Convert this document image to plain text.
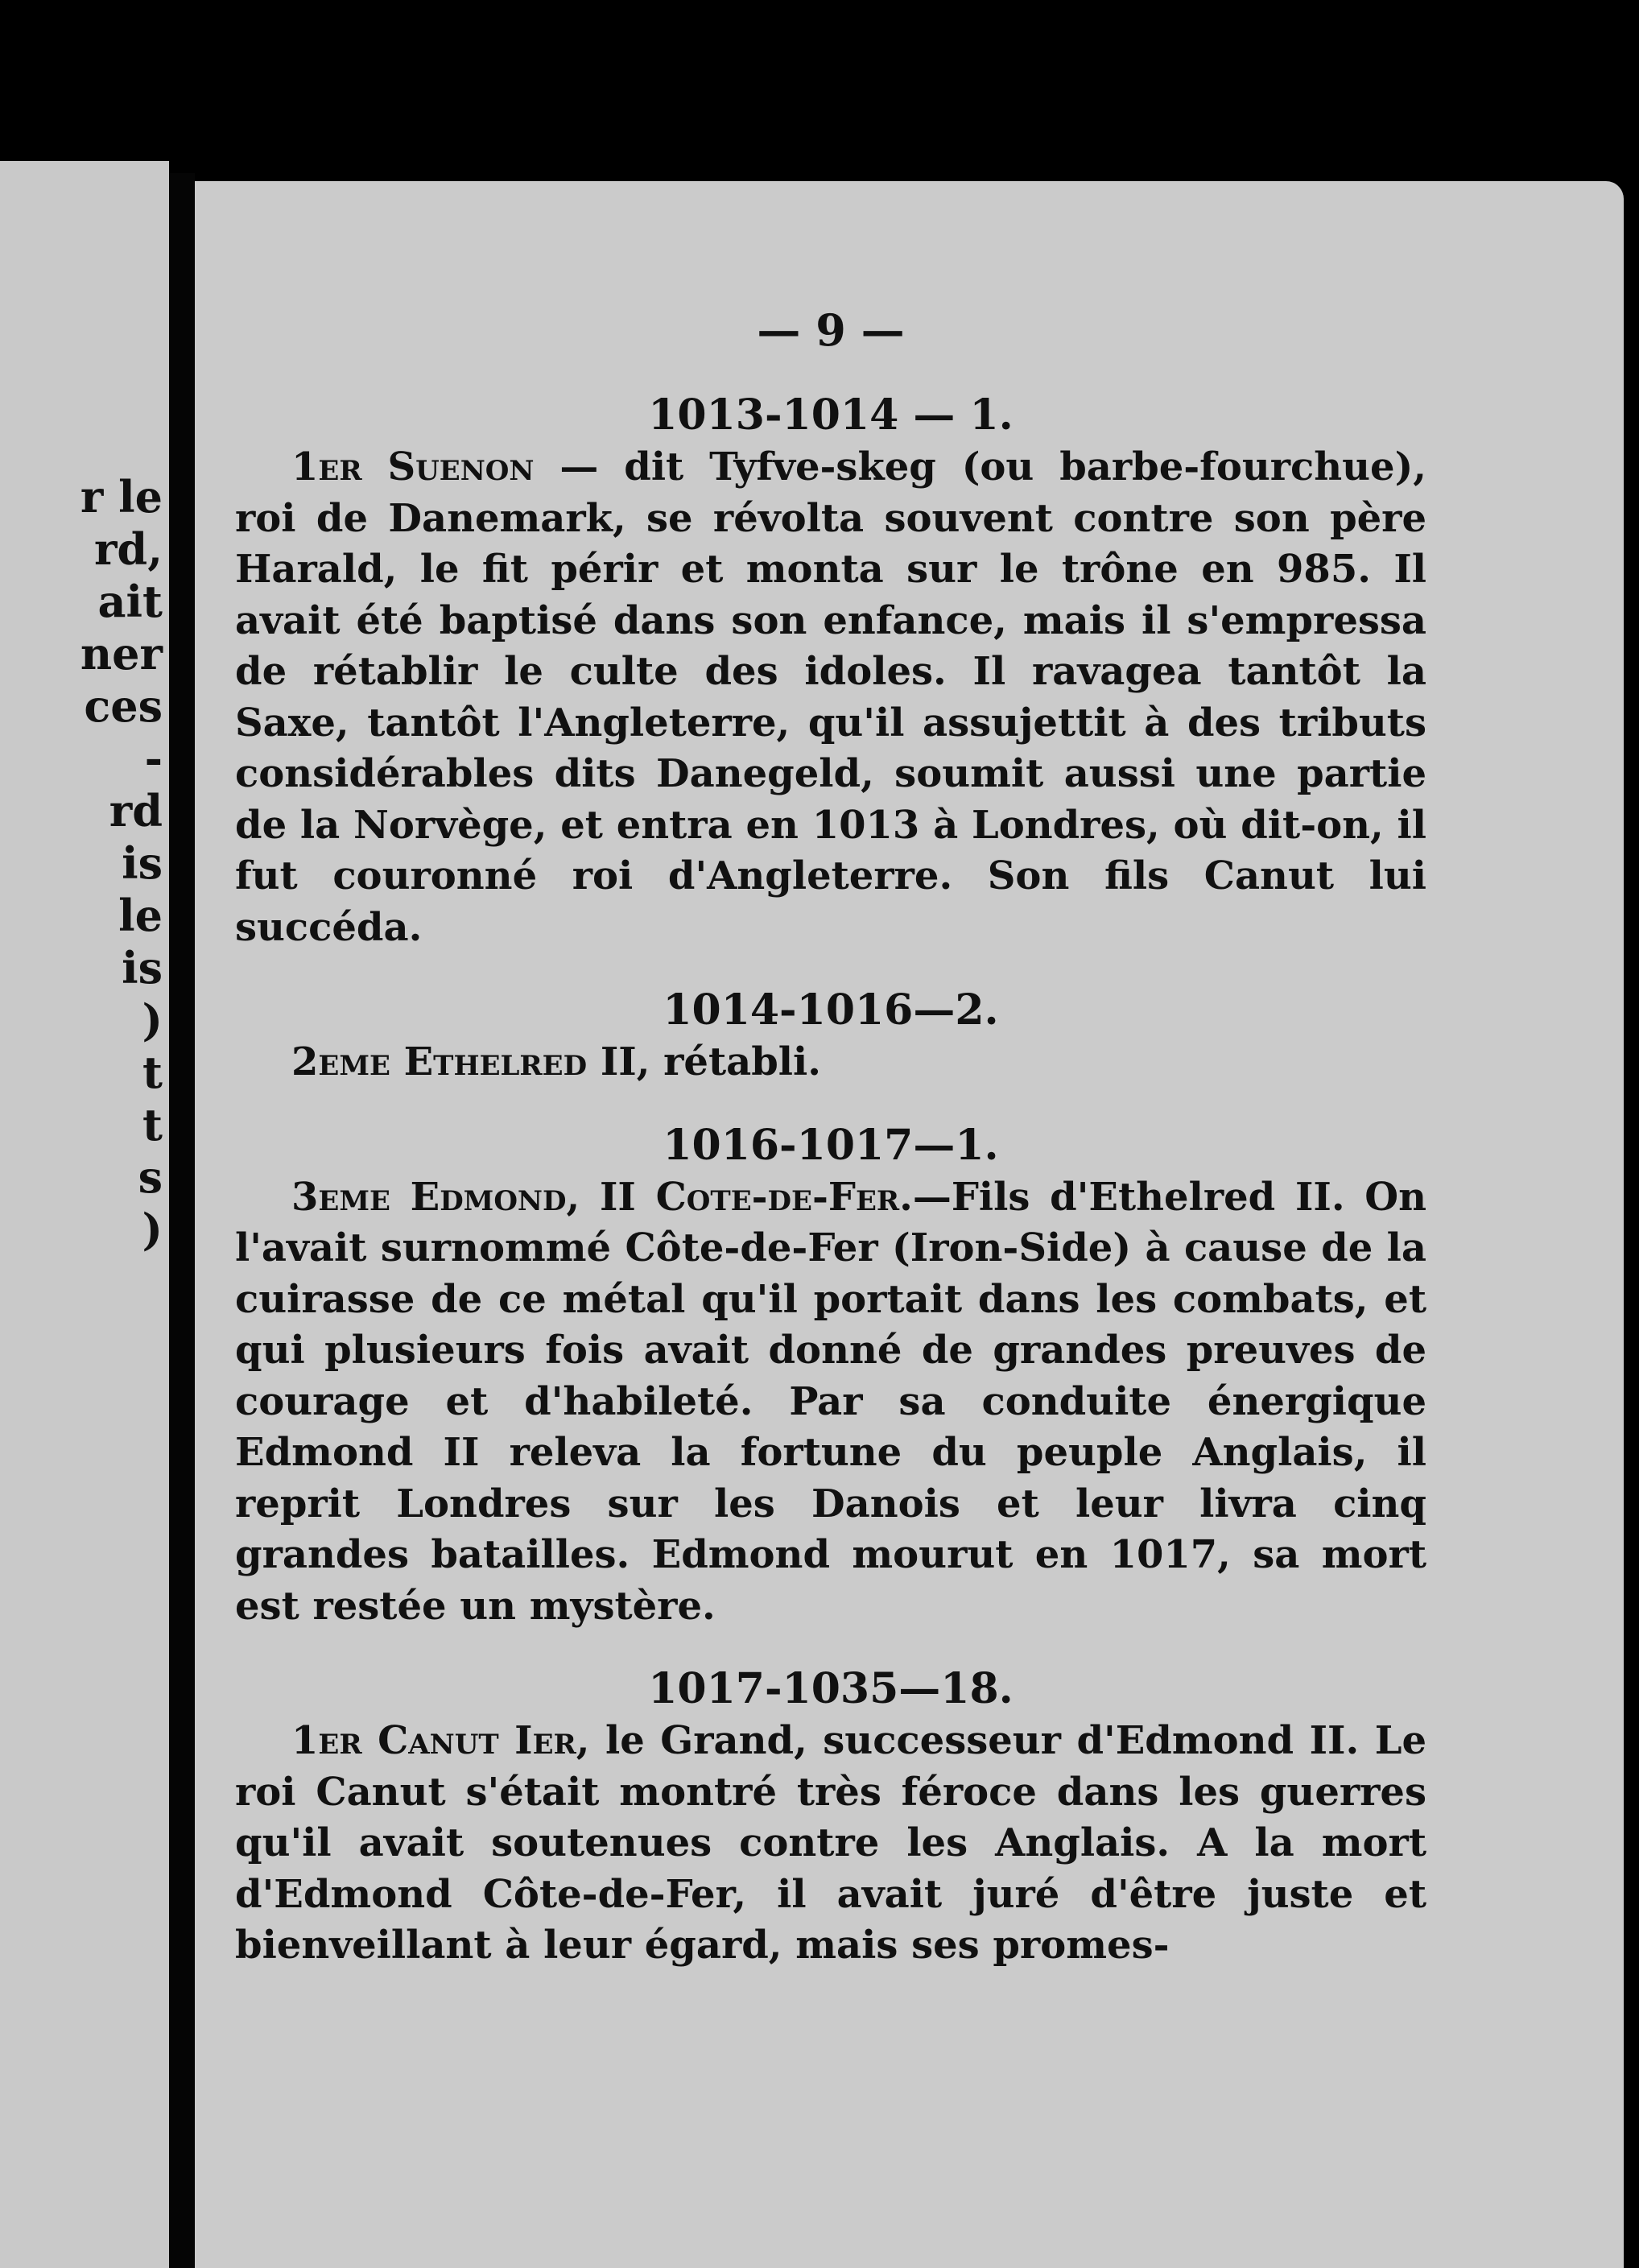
r le
rd,
ait
ner
ces
-
rd
is
le
is
)
t
t
s
)
— 9 —

1013-1014 — 1.

1er Suenon — dit Tyfve-skeg (ou barbe-fourchue), roi de Danemark, se révolta souvent contre son père Harald, le fit périr et monta sur le trône en 985. Il avait été baptisé dans son enfance, mais il s'empressa de rétablir le culte des idoles. Il ravagea tantôt la Saxe, tantôt l'Angleterre, qu'il assujettit à des tributs considérables dits Danegeld, soumit aussi une partie de la Norvège, et entra en 1013 à Londres, où dit-on, il fut couronné roi d'Angleterre. Son fils Canut lui succéda.

1014-1016—2.

2eme Ethelred II, rétabli.

1016-1017—1.

3eme Edmond, II Cote-de-Fer.—Fils d'Ethelred II. On l'avait surnommé Côte-de-Fer (Iron-Side) à cause de la cuirasse de ce métal qu'il portait dans les combats, et qui plusieurs fois avait donné de grandes preuves de courage et d'habileté. Par sa conduite énergique Edmond II releva la fortune du peuple Anglais, il reprit Londres sur les Danois et leur livra cinq grandes batailles. Edmond mourut en 1017, sa mort est restée un mystère.

1017-1035—18.

1er Canut Ier, le Grand, successeur d'Edmond II. Le roi Canut s'était montré très féroce dans les guerres qu'il avait soutenues contre les Anglais. A la mort d'Edmond Côte-de-Fer, il avait juré d'être juste et bienveillant à leur égard, mais ses promes-
